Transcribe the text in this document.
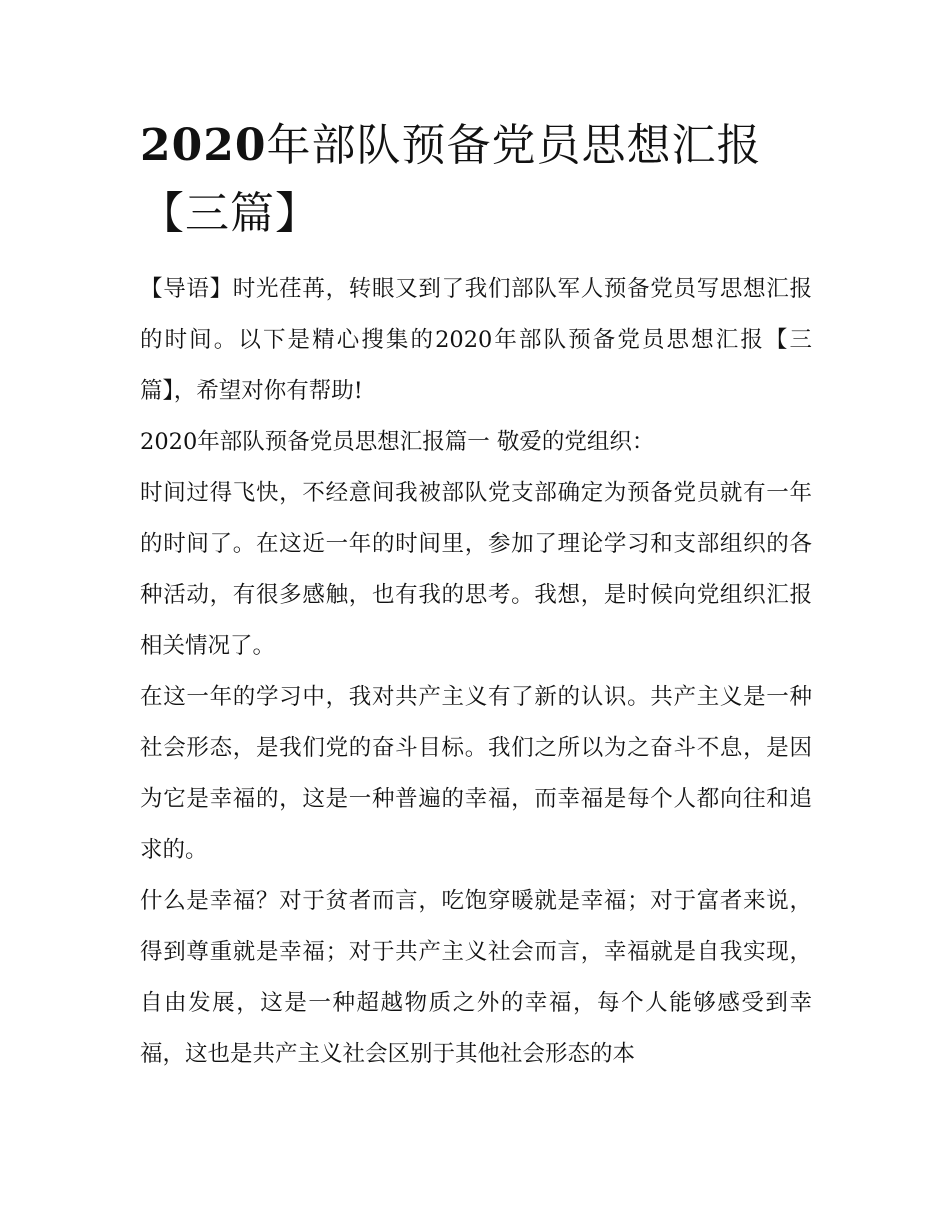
2020年部队预备党员思想汇报【三篇】

【导语】时光荏苒，转眼又到了我们部队军人预备党员写思想汇报的时间。以下是精心搜集的2020年部队预备党员思想汇报【三篇】，希望对你有帮助!

2020年部队预备党员思想汇报篇一 敬爱的党组织：

时间过得飞快，不经意间我被部队党支部确定为预备党员就有一年的时间了。在这近一年的时间里，参加了理论学习和支部组织的各种活动，有很多感触，也有我的思考。我想，是时候向党组织汇报相关情况了。

在这一年的学习中，我对共产主义有了新的认识。共产主义是一种社会形态，是我们党的奋斗目标。我们之所以为之奋斗不息，是因为它是幸福的，这是一种普遍的幸福，而幸福是每个人都向往和追求的。

什么是幸福？对于贫者而言，吃饱穿暖就是幸福；对于富者来说，得到尊重就是幸福；对于共产主义社会而言，幸福就是自我实现，自由发展，这是一种超越物质之外的幸福，每个人能够感受到幸福，这也是共产主义社会区别于其他社会形态的本
